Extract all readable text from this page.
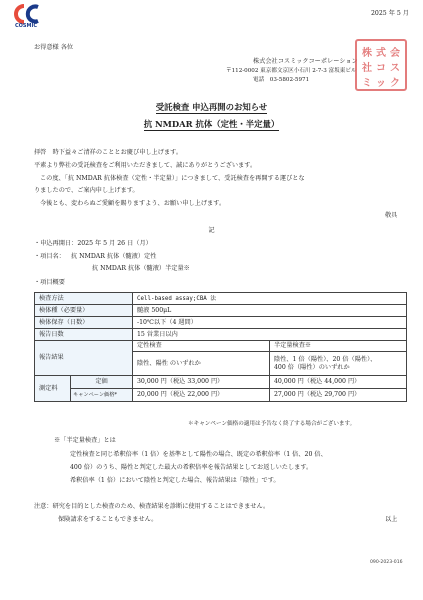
COSMIC
2025 年 5 月
お得意様 各位
株式会社コスミックコーポレーション
〒112-0002 東京都文京区小石川 2-7-3 富坂東ビル
電話　03-5802-5971
株 式 会
社 コ ス
ミ ッ ク
受託検査 申込再開のお知らせ
抗 NMDAR 抗体（定性・半定量）
拝啓　時下益々ご清祥のこととお慶び申し上げます。
平素より弊社の受託検査をご利用いただきまして、誠にありがとうございます。
この度、「抗 NMDAR 抗体検査（定性・半定量）」につきまして、受託検査を再開する運びとな
りましたので、ご案内申し上げます。
今後とも、変わらぬご愛顧を賜りますよう、お願い申し上げます。
敬具
記
・申込再開日：2025 年 5 月 26 日（月）
・項目名： 抗 NMDAR 抗体（髄液）定性
抗 NMDAR 抗体（髄液）半定量※
・項目概要
検査方法		Cell-based assay;CBA 法	
検体種（必要量）		髄液 500μL	
検体保存（日数）		-10℃以下（4 週間）	
報告日数		15 営業日以内	
報告結果		定性検査	半定量検査※
		陰性、陽性 のいずれか	陰性、1 倍（陽性）、20 倍（陽性）、
400 倍（陽性）のいずれか

測定料	定価	30,000 円（税込 33,000 円）	40,000 円（税込 44,000 円）
	キャンペーン価格*	20,000 円（税込 22,000 円）	27,000 円（税込 29,700 円）
＊キャンペーン価格の適用は予告なく終了する場合がございます。
※「半定量検査」とは
定性検査と同じ希釈倍率（1 倍）を基準として陽性の場合、既定の希釈倍率（1 倍、20 倍、
400 倍）のうち、陽性と判定した最大の希釈倍率を報告結果としてお返しいたします。
希釈倍率（1 倍）において陰性と判定した場合、報告結果は「陰性」です。
注意：研究を目的とした検査のため、検査結果を診断に使用することはできません。
保険請求をすることもできません。	以上
090-2023-016
